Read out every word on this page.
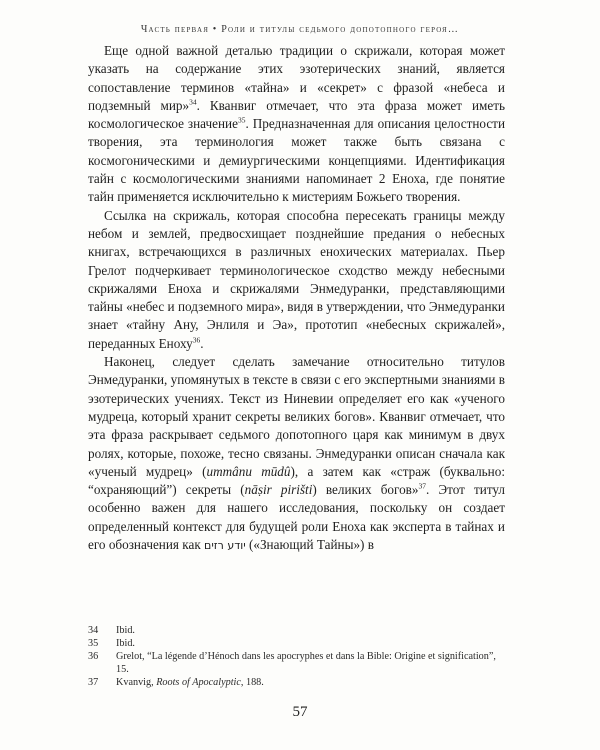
Часть первая • Роли и титулы седьмого допотопного героя…

Еще одной важной деталью традиции о скрижали, которая может указать на содержание этих эзотерических знаний, является сопоставление терминов «тайна» и «секрет» с фразой «небеса и подземный мир»$^{34}$. Кванвиг отмечает, что эта фраза может иметь космологическое значение$^{35}$. Предназначенная для описания целостности творения, эта терминология может также быть связана с космогоническими и демиургическими концепциями. Идентификация тайн с космологическими знаниями напоминает 2 Еноха, где понятие тайн применяется исключительно к мистериям Божьего творения.

Ссылка на скрижаль, которая способна пересекать границы между небом и землей, предвосхищает позднейшие предания о небесных книгах, встречающихся в различных енохических материалах. Пьер Грелот подчеркивает терминологическое сходство между небесными скрижалями Еноха и скрижалями Энмедуранки, представляющими тайны «небес и подземного мира», видя в утверждении, что Энмедуранки знает «тайну Ану, Энлиля и Эа», прототип «небесных скрижалей», переданных Еноху$^{36}$.

Наконец, следует сделать замечание относительно титулов Энмедуранки, упомянутых в тексте в связи с его экспертными знаниями в эзотерических учениях. Текст из Ниневии определяет его как «ученого мудреца, который хранит секреты великих богов». Кванвиг отмечает, что эта фраза раскрывает седьмого допотопного царя как минимум в двух ролях, которые, похоже, тесно связаны. Энмедуранки описан сначала как «ученый мудрец» (ummânu mūdû), а затем как «страж (буквально: “охраняющий”) секреты (nāṣir pirišti) великих богов»$^{37}$. Этот титул особенно важен для нашего исследования, поскольку он создает определенный контекст для будущей роли Еноха как эксперта в тайнах и его обозначения как יודע רזים («Знающий Тайны») в

34	Ibid.
35	Ibid.
36	Grelot, “La légende d’Hénoch dans les apocryphes et dans la Bible: Origine et signification”, 15.
37	Kvanvig, Roots of Apocalyptic, 188.
57
